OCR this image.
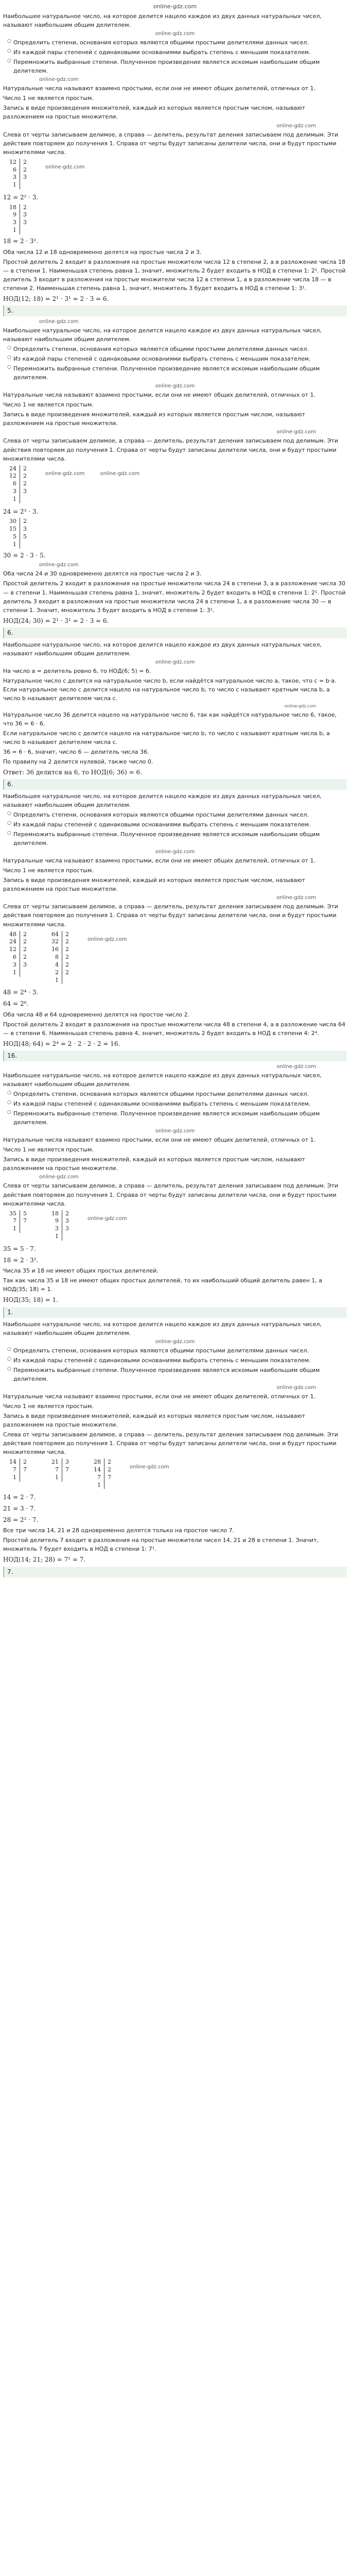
online-gdz.com

Наибольшее натуральное число, на которое делится нацело каждое из двух данных натуральных чисел, называют наибольшим общим делителем.

online-gdz.com
○ Определить степени, основания которых являются общими простыми делителями данных чисел.
○ Из каждой пары степеней с одинаковыми основаниями выбрать степень с меньшим показателем.
○ Перемножить выбранные степени. Полученное произведение является искомым наибольшим общим делителем.
online-gdz.com

Натуральные числа называют взаимно простыми, если они не имеют общих делителей, отличных от 1.

Число 1 не является простым.

Запись в виде произведения множителей, каждый из которых является простым числом, называют разложением на простые множители.

online-gdz.com

Слева от черты записываем делимое, а справа — делитель, результат деления записываем под делимым. Эти действия повторяем до получения 1. Справа от черты будут записаны делители числа, они и будут простыми множителями числа.

12	2
6	2
3	3
1	
online-gdz.com

12 = 2² · 3.

18	2
9	3
3	3
1	

18 = 2 · 3².

Оба числа 12 и 18 одновременно делятся на простые числа 2 и 3.

Простой делитель 2 входит в разложения на простые множители числа 12 в степени 2, а в разложение числа 18 — в степени 1. Наименьшая степень равна 1, значит, множитель 2 будет входить в НОД в степени 1: 2¹. Простой делитель 3 входит в разложения на простые множители числа 12 в степени 1, а в разложение числа 18 — в степени 2. Наименьшая степень равна 1, значит, множитель 3 будет входить в НОД в степени 1: 3¹.

НОД(12; 18) = 2¹ · 3¹ = 2 · 3 = 6.

5.
online-gdz.com

Наибольшее натуральное число, на которое делится нацело каждое из двух данных натуральных чисел, называют наибольшим общим делителем.

○ Определить степени, основания которых являются общими простыми делителями данных чисел.
○ Из каждой пары степеней с одинаковыми основаниями выбрать степень с меньшим показателем.
○ Перемножить выбранные степени. Полученное произведение является искомым наибольшим общим делителем.
online-gdz.com

Натуральные числа называют взаимно простыми, если они не имеют общих делителей, отличных от 1.

Число 1 не является простым.

Запись в виде произведения множителей, каждый из которых является простым числом, называют разложением на простые множители.

online-gdz.com

Слева от черты записываем делимое, а справа — делитель, результат деления записываем под делимым. Эти действия повторяем до получения 1. Справа от черты будут записаны делители числа, они и будут простыми множителями числа.

24	2
12	2
6	2
3	3
1	
online-gdz.com	online-gdz.com

24 = 2³ · 3.

30	2
15	3
5	5
1	

30 = 2 · 3 · 5.

online-gdz.com

Оба числа 24 и 30 одновременно делятся на простые числа 2 и 3.

Простой делитель 2 входит в разложения на простые множители числа 24 в степени 3, а в разложение числа 30 — в степени 1. Наименьшая степень равна 1, значит, множитель 2 будет входить в НОД в степени 1: 2¹. Простой делитель 3 входит в разложения на простые множители числа 24 в степени 1, а в разложение числа 30 — в степени 1. Значит, множитель 3 будет входить в НОД в степени 1: 3¹.

НОД(24; 30) = 2¹ · 3¹ = 2 · 3 = 6.

6.

Наибольшее натуральное число, на которое делится нацело каждое из двух данных натуральных чисел, называют наибольшим общим делителем.

online-gdz.com

На число a = делитель ровно 6, то НОД(6; 5) = 6.

Натуральное число c делится на натуральное число b, если найдётся натуральное число a, такое, что c = b·a. Если натуральное число c делится нацело на натуральное число b, то число c называют кратным числа b, а число b называют делителем числа c.

online-gdz.com

Натуральное число 36 делится нацело на натуральное число 6, так как найдётся натуральное число 6, такое, что 36 = 6 · 6.

Если натуральное число c делится нацело на натуральное число b, то число c называют кратным числа b, а число b называют делителем числа c.

36 = 6 · 6, значит, число 6 — делитель числа 36.

По правилу на 2 делится нулевой, также число 0.

Ответ: 36 делится на 6, то НОД(6; 36) = 6.

6.

Наибольшее натуральное число, на которое делится нацело каждое из двух данных натуральных чисел, называют наибольшим общим делителем.

○ Определить степени, основания которых являются общими простыми делителями данных чисел.
○ Из каждой пары степеней с одинаковыми основаниями выбрать степень с меньшим показателем.
○ Перемножить выбранные степени. Полученное произведение является искомым наибольшим общим делителем.
online-gdz.com

Натуральные числа называют взаимно простыми, если они не имеют общих делителей, отличных от 1.

Число 1 не является простым.

Запись в виде произведения множителей, каждый из которых является простым числом, называют разложением на простые множители.

online-gdz.com

Слева от черты записываем делимое, а справа — делитель, результат деления записываем под делимым. Эти действия повторяем до получения 1. Справа от черты будут записаны делители числа, они и будут простыми множителями числа.

48	2
24	2
12	2
6	2
3	3
1	
64	2
32	2
16	2
8	2
4	2
2	2
1	
online-gdz.com

48 = 2⁴ · 3.

64 = 2⁶.

Оба числа 48 и 64 одновременно делятся на простое число 2.

Простой делитель 2 входит в разложения на простые множители числа 48 в степени 4, а в разложение числа 64 — в степени 6. Наименьшая степень равна 4, значит, множитель 2 будет входить в НОД в степени 4: 2⁴.

НОД(48; 64) = 2⁴ = 2 · 2 · 2 · 2 = 16.

16.
online-gdz.com

Наибольшее натуральное число, на которое делится нацело каждое из двух данных натуральных чисел, называют наибольшим общим делителем.

○ Определить степени, основания которых являются общими простыми делителями данных чисел.
○ Из каждой пары степеней с одинаковыми основаниями выбрать степень с меньшим показателем.
○ Перемножить выбранные степени. Полученное произведение является искомым наибольшим общим делителем.
online-gdz.com

Натуральные числа называют взаимно простыми, если они не имеют общих делителей, отличных от 1.

Число 1 не является простым.

Запись в виде произведения множителей, каждый из которых является простым числом, называют разложением на простые множители.

online-gdz.com

Слева от черты записываем делимое, а справа — делитель, результат деления записываем под делимым. Эти действия повторяем до получения 1. Справа от черты будут записаны делители числа, они и будут простыми множителями числа.

35	5
7	7
1	
18	2
9	3
3	3
1	
online-gdz.com

35 = 5 · 7.

18 = 2 · 3².

Числа 35 и 18 не имеют общих простых делителей.

Так как числа 35 и 18 не имеют общих простых делителей, то их наибольший общий делитель равен 1, а НОД(35; 18) = 1.

НОД(35; 18) = 1.

1.

Наибольшее натуральное число, на которое делится нацело каждое из двух данных натуральных чисел, называют наибольшим общим делителем.

online-gdz.com
○ Определить степени, основания которых являются общими простыми делителями данных чисел.
○ Из каждой пары степеней с одинаковыми основаниями выбрать степень с меньшим показателем.
○ Перемножить выбранные степени. Полученное произведение является искомым наибольшим общим делителем.
online-gdz.com

Натуральные числа называют взаимно простыми, если они не имеют общих делителей, отличных от 1.

Число 1 не является простым.

Запись в виде произведения множителей, каждый из которых является простым числом, называют разложением на простые множители.

Слева от черты записываем делимое, а справа — делитель, результат деления записываем под делимым. Эти действия повторяем до получения 1. Справа от черты будут записаны делители числа, они и будут простыми множителями числа.

14	2
7	7
1	
21	3
7	7
1	
28	2
14	2
7	7
1	
online-gdz.com

14 = 2 · 7.

21 = 3 · 7.

28 = 2² · 7.

Все три числа 14, 21 и 28 одновременно делятся только на простое число 7.

Простой делитель 7 входит в разложения на простые множители чисел 14, 21 и 28 в степени 1. Значит, множитель 7 будет входить в НОД в степени 1: 7¹.

НОД(14; 21; 28) = 7¹ = 7.

7.
